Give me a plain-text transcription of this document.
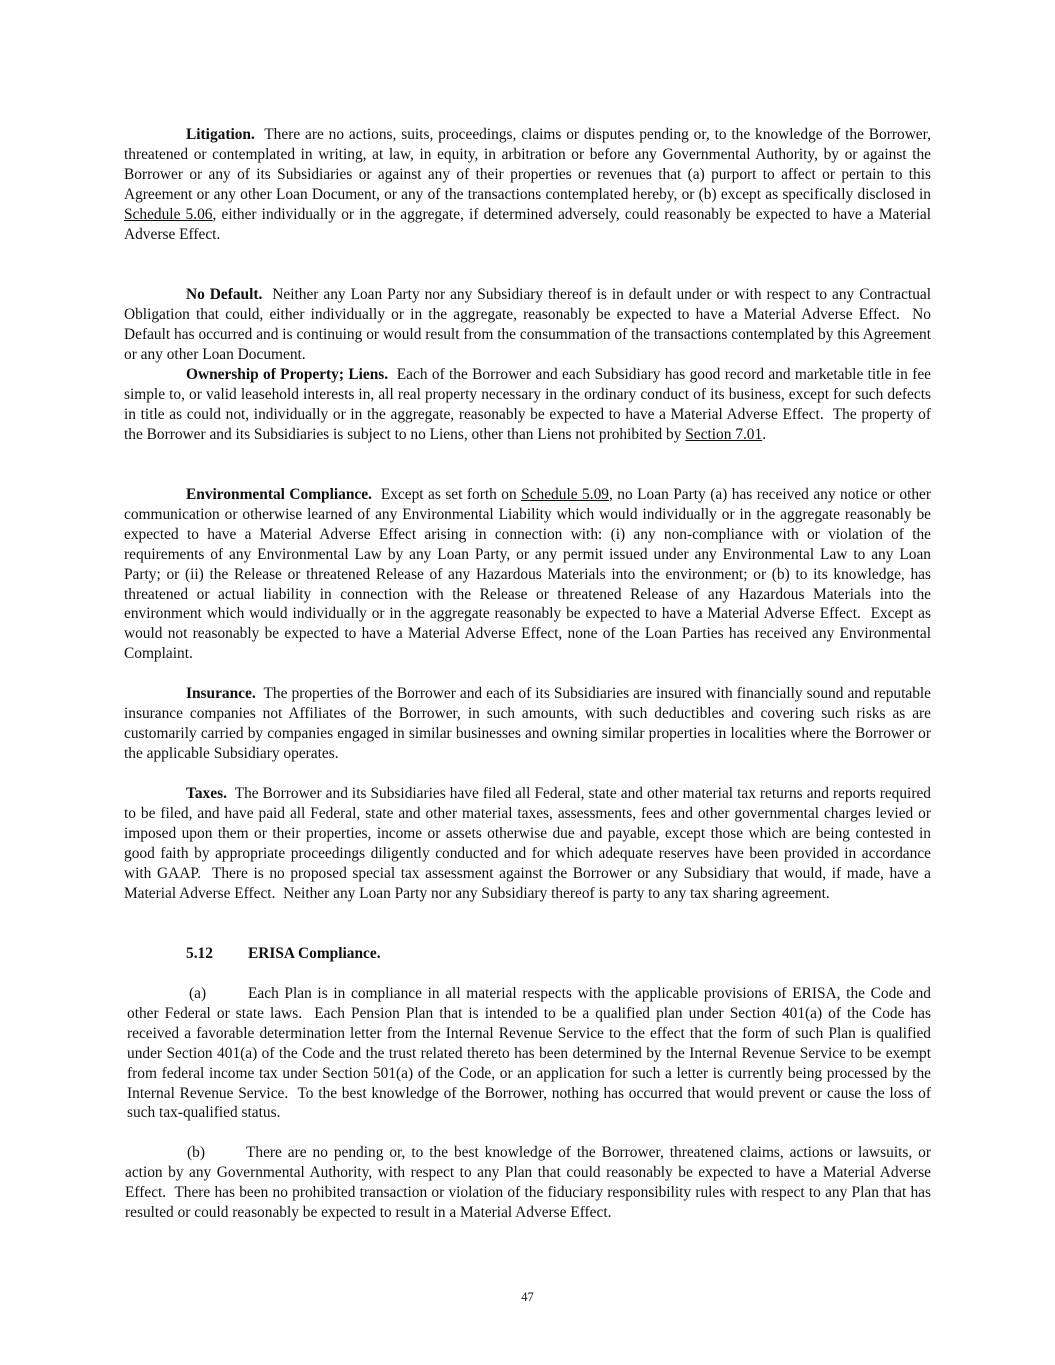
Litigation.  There are no actions, suits, proceedings, claims or disputes pending or, to the knowledge of the Borrower, threatened or contemplated in writing, at law, in equity, in arbitration or before any Governmental Authority, by or against the Borrower or any of its Subsidiaries or against any of their properties or revenues that (a) purport to affect or pertain to this Agreement or any other Loan Document, or any of the transactions contemplated hereby, or (b) except as specifically disclosed in Schedule 5.06, either individually or in the aggregate, if determined adversely, could reasonably be expected to have a Material Adverse Effect.

No Default.  Neither any Loan Party nor any Subsidiary thereof is in default under or with respect to any Contractual Obligation that could, either individually or in the aggregate, reasonably be expected to have a Material Adverse Effect.  No Default has occurred and is continuing or would result from the consummation of the transactions contemplated by this Agreement or any other Loan Document.

Ownership of Property; Liens.  Each of the Borrower and each Subsidiary has good record and marketable title in fee simple to, or valid leasehold interests in, all real property necessary in the ordinary conduct of its business, except for such defects in title as could not, individually or in the aggregate, reasonably be expected to have a Material Adverse Effect.  The property of the Borrower and its Subsidiaries is subject to no Liens, other than Liens not prohibited by Section 7.01.

Environmental Compliance.  Except as set forth on Schedule 5.09, no Loan Party (a) has received any notice or other communication or otherwise learned of any Environmental Liability which would individually or in the aggregate reasonably be expected to have a Material Adverse Effect arising in connection with: (i) any non-compliance with or violation of the requirements of any Environmental Law by any Loan Party, or any permit issued under any Environmental Law to any Loan Party; or (ii) the Release or threatened Release of any Hazardous Materials into the environment; or (b) to its knowledge, has threatened or actual liability in connection with the Release or threatened Release of any Hazardous Materials into the environment which would individually or in the aggregate reasonably be expected to have a Material Adverse Effect.  Except as would not reasonably be expected to have a Material Adverse Effect, none of the Loan Parties has received any Environmental Complaint.

Insurance.  The properties of the Borrower and each of its Subsidiaries are insured with financially sound and reputable insurance companies not Affiliates of the Borrower, in such amounts, with such deductibles and covering such risks as are customarily carried by companies engaged in similar businesses and owning similar properties in localities where the Borrower or the applicable Subsidiary operates.

Taxes.  The Borrower and its Subsidiaries have filed all Federal, state and other material tax returns and reports required to be filed, and have paid all Federal, state and other material taxes, assessments, fees and other governmental charges levied or imposed upon them or their properties, income or assets otherwise due and payable, except those which are being contested in good faith by appropriate proceedings diligently conducted and for which adequate reserves have been provided in accordance with GAAP.  There is no proposed special tax assessment against the Borrower or any Subsidiary that would, if made, have a Material Adverse Effect.  Neither any Loan Party nor any Subsidiary thereof is party to any tax sharing agreement.

5.12 ERISA Compliance.

(a)	Each Plan is in compliance in all material respects with the applicable provisions of ERISA, the Code and other Federal or state laws.  Each Pension Plan that is intended to be a qualified plan under Section 401(a) of the Code has received a favorable determination letter from the Internal Revenue Service to the effect that the form of such Plan is qualified under Section 401(a) of the Code and the trust related thereto has been determined by the Internal Revenue Service to be exempt from federal income tax under Section 501(a) of the Code, or an application for such a letter is currently being processed by the Internal Revenue Service.  To the best knowledge of the Borrower, nothing has occurred that would prevent or cause the loss of such tax-qualified status.

(b)	There are no pending or, to the best knowledge of the Borrower, threatened claims, actions or lawsuits, or action by any Governmental Authority, with respect to any Plan that could reasonably be expected to have a Material Adverse Effect.  There has been no prohibited transaction or violation of the fiduciary responsibility rules with respect to any Plan that has resulted or could reasonably be expected to result in a Material Adverse Effect.

47
